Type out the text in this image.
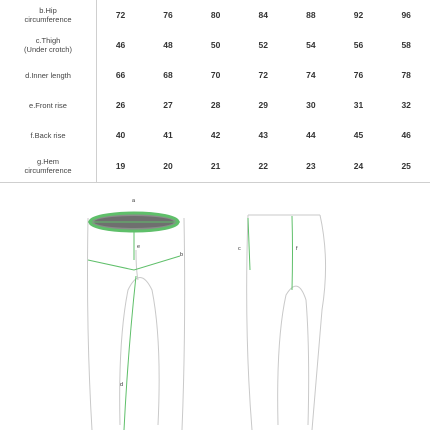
b.Hip
circumference	72	76	80	84	88	92	96

c.Thigh
(Under crotch)	46	48	50	52	54	56	58

d.Inner length	66	68	70	72	74	76	78

e.Front rise	26	27	28	29	30	31	32

f.Back rise	40	41	42	43	44	45	46

g.Hem
circumference	19	20	21	22	23	24	25
a
b
e
d
c	f
